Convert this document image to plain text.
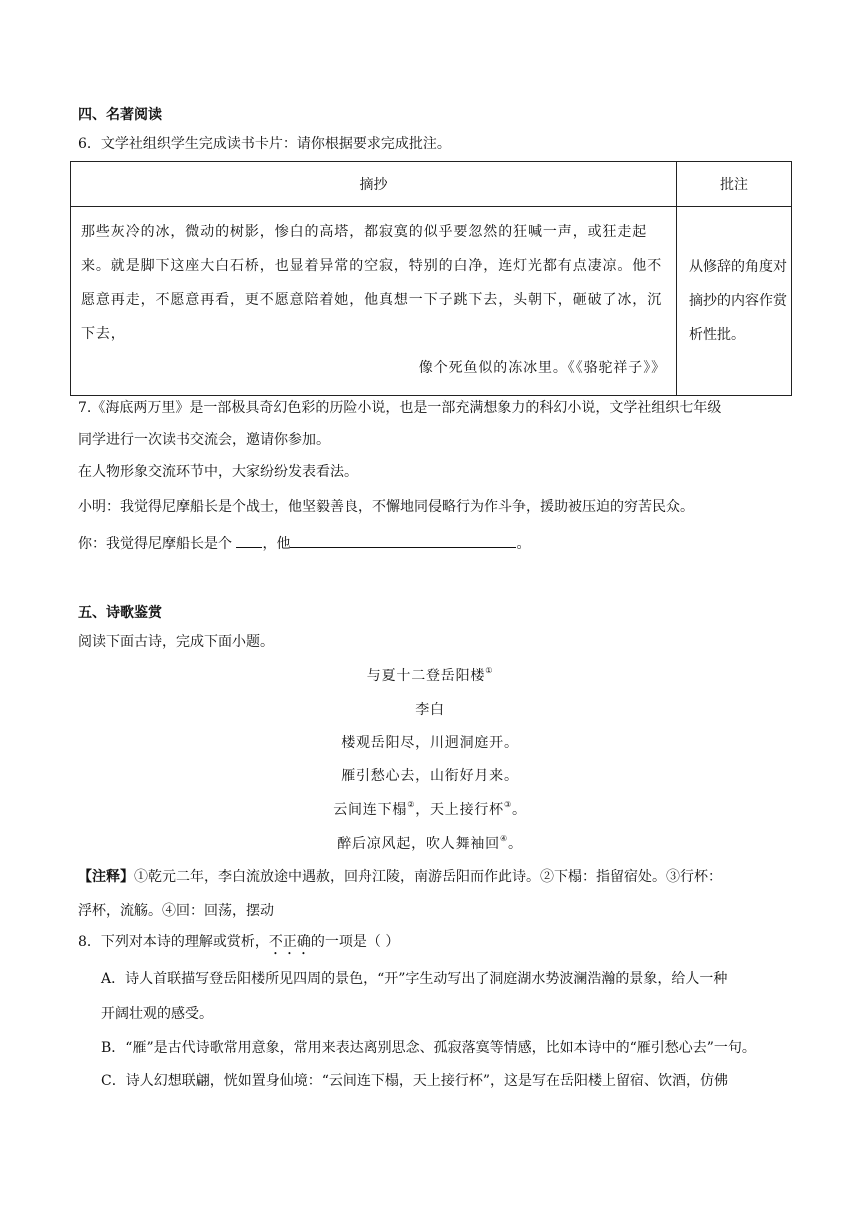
四、名著阅读
6．文学社组织学生完成读书卡片：请你根据要求完成批注。
摘抄	批注
那些灰冷的冰，微动的树影，惨白的高塔，都寂寞的似乎要忽然的狂喊一声，或狂走起来。就是脚下这座大白石桥，也显着异常的空寂，特别的白净，连灯光都有点凄凉。他不愿意再走，不愿意再看，更不愿意陪着她，他真想一下子跳下去，头朝下，砸破了冰，沉下去，
像个死鱼似的冻冰里。《《骆驼祥子》》	从修辞的角度对摘抄的内容作赏析性批。
7.《海底两万里》是一部极具奇幻色彩的历险小说，也是一部充满想象力的科幻小说，文学社组织七年级
同学进行一次读书交流会，邀请你参加。
在人物形象交流环节中，大家纷纷发表看法。
小明：我觉得尼摩船长是个战士，他坚毅善良，不懈地同侵略行为作斗争，援助被压迫的穷苦民众。
你：我觉得尼摩船长是个 ，他	。
五、诗歌鉴赏
阅读下面古诗，完成下面小题。
与夏十二登岳阳楼①
李白
楼观岳阳尽，川迥洞庭开。
雁引愁心去，山衔好月来。
云间连下榻②，天上接行杯③。
醉后凉风起，吹人舞袖回④。
【注释】①乾元二年，李白流放途中遇赦，回舟江陵，南游岳阳而作此诗。②下榻：指留宿处。③行杯：
浮杯，流觞。④回：回荡，摆动
8．下列对本诗的理解或赏析，不正确的一项是（ ）
A．诗人首联描写登岳阳楼所见四周的景色，“开”字生动写出了洞庭湖水势波澜浩瀚的景象，给人一种
开阔壮观的感受。
B．“雁”是古代诗歌常用意象，常用来表达离别思念、孤寂落寞等情感，比如本诗中的“雁引愁心去”一句。
C．诗人幻想联翩，恍如置身仙境：“云间连下榻，天上接行杯”，这是写在岳阳楼上留宿、饮酒，仿佛
